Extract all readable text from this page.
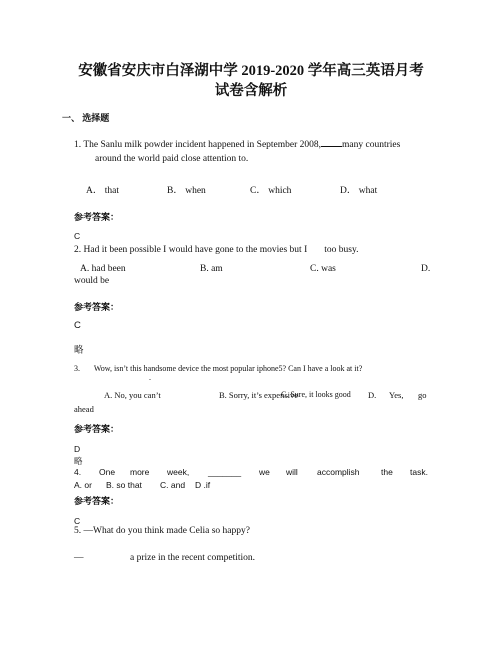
安徽省安庆市白泽湖中学 2019-2020 学年高三英语月考
试卷含解析
一、 选择题
1. The Sanlu milk powder incident happened in September 2008, many countries
around the world paid close attention to.
A． that	B． when	C． which	D． what
参考答案：
C
2. Had it been possible I would have gone to the movies but I too busy.
A. had been	B. am	C. was	D.
would be
参考答案：
C
略
3.       Wow, isn’t this handsome device the most popular iphone5? Can I have a look at it?
.
A. No, you can’t	B. Sorry, it’s expensive
C. Sure, it looks good D. Yes, go
ahead
参考答案：
D
略
4. One more week, _______ we will accomplish	the task.
A. or B. so that C. and D .if
参考答案：
C
5. —What do you think made Celia so happy?
—	a prize in the recent competition.
